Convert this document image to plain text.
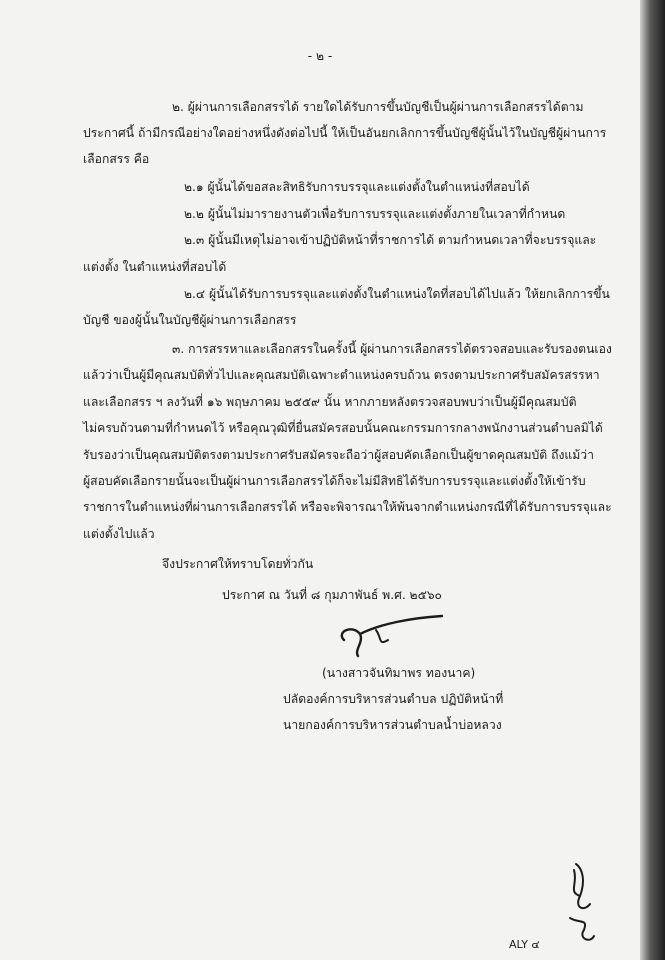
- ๒ -
๒. ผู้ผ่านการเลือกสรรได้ รายใดได้รับการขึ้นบัญชีเป็นผู้ผ่านการเลือกสรรได้ตาม
ประกาศนี้ ถ้ามีกรณีอย่างใดอย่างหนึ่งดังต่อไปนี้ ให้เป็นอันยกเลิกการขึ้นบัญชีผู้นั้นไว้ในบัญชีผู้ผ่านการ
เลือกสรร คือ
๒.๑ ผู้นั้นได้ขอสละสิทธิรับการบรรจุและแต่งตั้งในตำแหน่งที่สอบได้
๒.๒ ผู้นั้นไม่มารายงานตัวเพื่อรับการบรรจุและแต่งตั้งภายในเวลาที่กำหนด
๒.๓ ผู้นั้นมีเหตุไม่อาจเข้าปฏิบัติหน้าที่ราชการได้ ตามกำหนดเวลาที่จะบรรจุและ
แต่งตั้ง ในตำแหน่งที่สอบได้
๒.๔ ผู้นั้นได้รับการบรรจุและแต่งตั้งในตำแหน่งใดที่สอบได้ไปแล้ว ให้ยกเลิกการขึ้น
บัญชี ของผู้นั้นในบัญชีผู้ผ่านการเลือกสรร
๓. การสรรหาและเลือกสรรในครั้งนี้ ผู้ผ่านการเลือกสรรได้ตรวจสอบและรับรองตนเอง
แล้วว่าเป็นผู้มีคุณสมบัติทั่วไปและคุณสมบัติเฉพาะตำแหน่งครบถ้วน ตรงตามประกาศรับสมัครสรรหา
และเลือกสรร ฯ ลงวันที่ ๑๖ พฤษภาคม ๒๕๕๙ นั้น หากภายหลังตรวจสอบพบว่าเป็นผู้มีคุณสมบัติ
ไม่ครบถ้วนตามที่กำหนดไว้ หรือคุณวุฒิที่ยื่นสมัครสอบนั้นคณะกรรมการกลางพนักงานส่วนตำบลมิได้
รับรองว่าเป็นคุณสมบัติตรงตามประกาศรับสมัครจะถือว่าผู้สอบคัดเลือกเป็นผู้ขาดคุณสมบัติ ถึงแม้ว่า
ผู้สอบคัดเลือกรายนั้นจะเป็นผู้ผ่านการเลือกสรรได้ก็จะไม่มีสิทธิได้รับการบรรจุและแต่งตั้งให้เข้ารับ
ราชการในตำแหน่งที่ผ่านการเลือกสรรได้ หรือจะพิจารณาให้พ้นจากตำแหน่งกรณีที่ได้รับการบรรจุและ
แต่งตั้งไปแล้ว
จึงประกาศให้ทราบโดยทั่วกัน
ประกาศ ณ วันที่ ๘ กุมภาพันธ์ พ.ศ. ๒๕๖๐
(นางสาวจันทิมาพร ทองนาค)
ปลัดองค์การบริหารส่วนตำบล ปฏิบัติหน้าที่
นายกองค์การบริหารส่วนตำบลน้ำบ่อหลวง
ALY ๔
